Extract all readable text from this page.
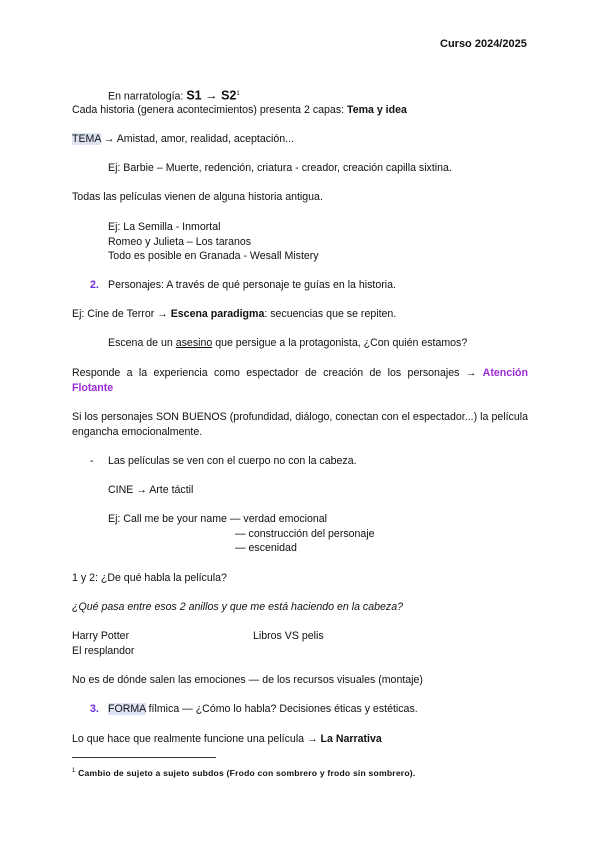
Curso 2024/2025
En narratología: $S1 \to S2^1$
Cada historia (genera acontecimientos) presenta 2 capas: Tema y idea
TEMA → Amistad, amor, realidad, aceptación...
Ej: Barbie – Muerte, redención, criatura - creador, creación capilla sixtina.
Todas las películas vienen de alguna historia antigua.
Ej: La Semilla - Inmortal
Romeo y Julieta – Los taranos
Todo es posible en Granada - Wesall Mistery
2. Personajes: A través de qué personaje te guías en la historia.
Ej: Cine de Terror → Escena paradigma: secuencias que se repiten.
Escena de un asesino que persigue a la protagonista, ¿Con quién estamos?
Responde a la experiencia como espectador de creación de los personajes → Atención Flotante
Si los personajes SON BUENOS (profundidad, diálogo, conectan con el espectador...) la película engancha emocionalmente.
- Las películas se ven con el cuerpo no con la cabeza.
CINE → Arte táctil
Ej: Call me be your name — verdad emocional
— construcción del personaje
— escenidad
1 y 2: ¿De qué habla la película?
¿Qué pasa entre esos 2 anillos y que me está haciendo en la cabeza?
Harry Potter	Libros VS pelis
El resplandor
No es de dónde salen las emociones — de los recursos visuales (montaje)
3. FORMA fílmica — ¿Cómo lo habla? Decisiones éticas y estéticas.
Lo que hace que realmente funcione una película → La Narrativa
$^1$ Cambio de sujeto a sujeto subdos (Frodo con sombrero y frodo sin sombrero).
